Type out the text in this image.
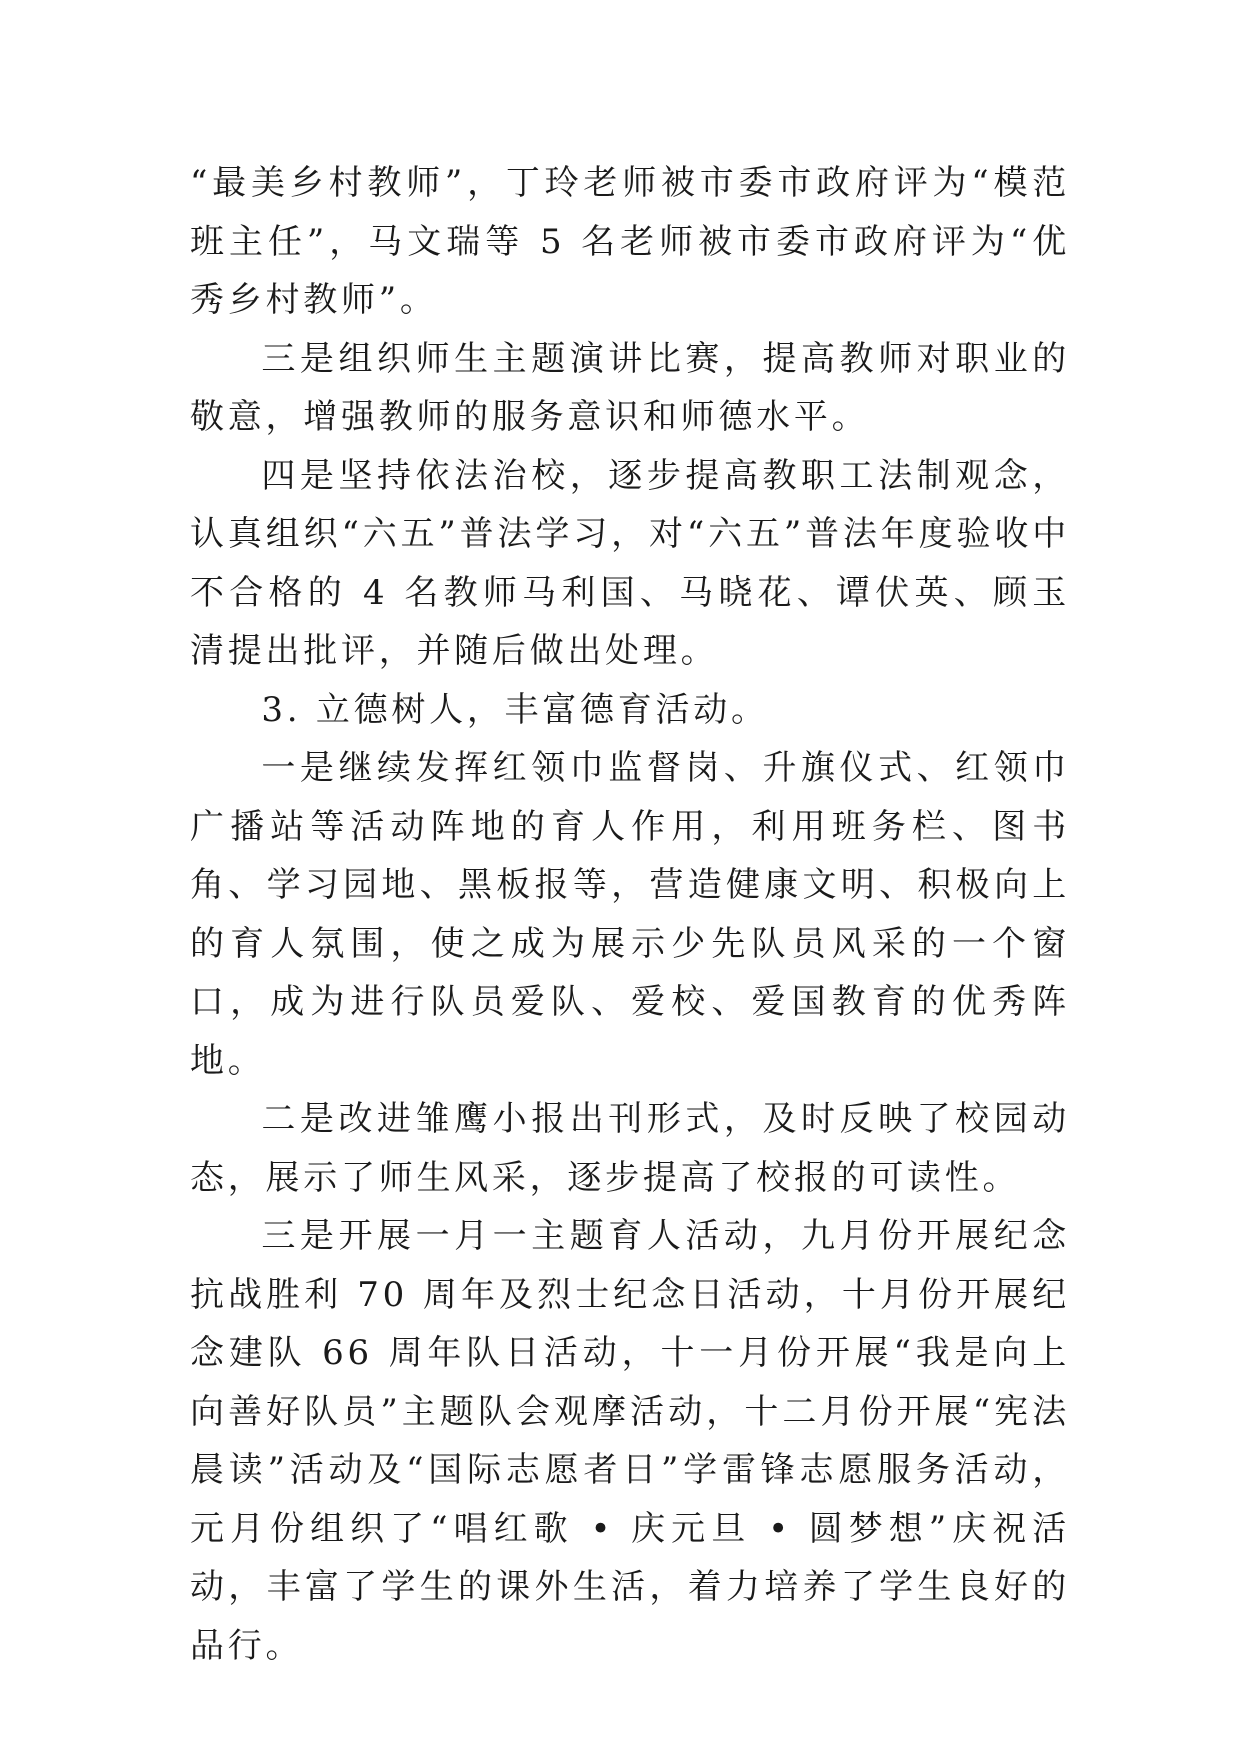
“最美乡村教师”，丁玲老师被市委市政府评为“模范班主任”，马文瑞等 5 名老师被市委市政府评为“优秀乡村教师”。

三是组织师生主题演讲比赛，提高教师对职业的敬意，增强教师的服务意识和师德水平。

四是坚持依法治校，逐步提高教职工法制观念，认真组织“六五”普法学习，对“六五”普法年度验收中不合格的 4 名教师马利国、马晓花、谭伏英、顾玉清提出批评，并随后做出处理。

3. 立德树人，丰富德育活动。

一是继续发挥红领巾监督岗、升旗仪式、红领巾广播站等活动阵地的育人作用，利用班务栏、图书角、学习园地、黑板报等，营造健康文明、积极向上的育人氛围，使之成为展示少先队员风采的一个窗口，成为进行队员爱队、爱校、爱国教育的优秀阵地。

二是改进雏鹰小报出刊形式，及时反映了校园动态，展示了师生风采，逐步提高了校报的可读性。

三是开展一月一主题育人活动，九月份开展纪念抗战胜利 70 周年及烈士纪念日活动，十月份开展纪念建队 66 周年队日活动，十一月份开展“我是向上向善好队员”主题队会观摩活动，十二月份开展“宪法晨读”活动及“国际志愿者日”学雷锋志愿服务活动，元月份组织了“唱红歌 • 庆元旦 • 圆梦想”庆祝活动，丰富了学生的课外生活，着力培养了学生良好的品行。
